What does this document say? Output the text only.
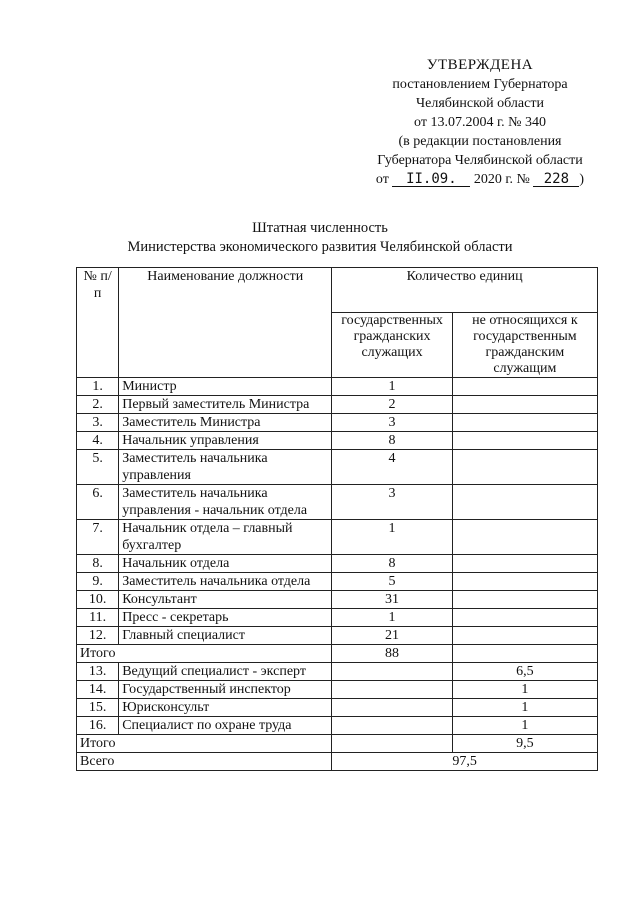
УТВЕРЖДЕНА
постановлением Губернатора
Челябинской области
от 13.07.2004 г. № 340
(в редакции постановления
Губернатора Челябинской области
от II.09. 2020 г. № 228 )
Штатная численность
Министерства экономического развития Челябинской области
№ п/п	Наименование должности	Количество единиц	
		государственных гражданских служащих	не относящихся к государственным гражданским служащим
1.	Министр	1	
2.	Первый заместитель Министра	2	
3.	Заместитель Министра	3	
4.	Начальник управления	8	
5.	Заместитель начальника управления	4	
6.	Заместитель начальника управления - начальник отдела	3	
7.	Начальник отдела – главный бухгалтер	1	
8.	Начальник отдела	8	
9.	Заместитель начальника отдела	5	
10.	Консультант	31	
11.	Пресс - секретарь	1	
12.	Главный специалист	21	
Итого		88	
13.	Ведущий специалист - эксперт		6,5
14.	Государственный инспектор		1
15.	Юрисконсульт		1
16.	Специалист по охране труда		1
Итого			9,5
Всего		97,5	
